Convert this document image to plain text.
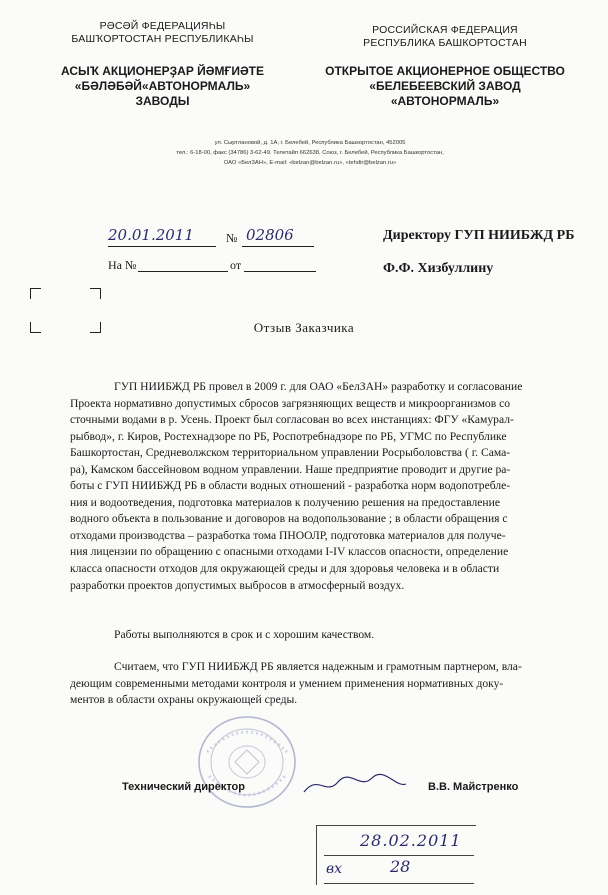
РӘСӘЙ ФЕДЕРАЦИЯҺЫ
БАШҠОРТОСТАН РЕСПУБЛИКАҺЫ
АСЫҠ АКЦИОНЕРҘАР ЙӘМҒИӘТЕ
«БӘЛӘБӘЙ«АВТОНОРМАЛЬ»
ЗАВОДЫ
РОССИЙСКАЯ ФЕДЕРАЦИЯ
РЕСПУБЛИКА БАШКОРТОСТАН
ОТКРЫТОЕ АКЦИОНЕРНОЕ ОБЩЕСТВО
«БЕЛЕБЕЕВСКИЙ ЗАВОД
«АВТОНОРМАЛЬ»
ул. Сыртлановой, д. 1А, г. Белебей, Республика Башкортостан, 452005
тел.: 6-18-00, факс (34786) 3-62-49. Телетайп 662638, Союз, г. Белебей, Республика Башкортостан,
ОАО «БелЗАН», E-mail: «belzan@belzan.ru», «tehdir@belzan.ru»
20.01.2011	№ 02806
На №	от
Директору ГУП НИИБЖД РБ
Ф.Ф. Хизбуллину
Отзыв Заказчика
ГУП НИИБЖД РБ провел в 2009 г. для ОАО «БелЗАН» разработку и согласование
Проекта нормативно допустимых сбросов загрязняющих веществ и микроорганизмов со
сточными водами в р. Усень. Проект был согласован во всех инстанциях: ФГУ «Камурал-
рыбвод», г. Киров, Ростехнадзоре по РБ, Роспотребнадзоре по РБ, УГМС по Республике
Башкортостан, Средневолжском территориальном управлении Росрыболовства ( г. Сама-
ра), Камском бассейновом водном управлении. Наше предприятие проводит и другие ра-
боты с ГУП НИИБЖД РБ в области водных отношений - разработка норм водопотребле-
ния и водоотведения, подготовка материалов к получению решения на предоставление
водного объекта в пользование и договоров на водопользование ; в области обращения с
отходами производства – разработка тома ПНООЛР, подготовка материалов для получе-
ния лицензии по обращению с опасными отходами I-IV классов опасности, определение
класса опасности отходов для окружающей среды и для здоровья человека и в области
разработки проектов допустимых выбросов в атмосферный воздух.
Работы выполняются в срок и с хорошим качеством.
Считаем, что ГУП НИИБЖД РБ является надежным и грамотным партнером, вла-
деющим современными методами контроля и умением применения нормативных доку-
ментов в области охраны окружающей среды.
Технический директор	В.В. Майстренко
28.02.2011
вх	28
